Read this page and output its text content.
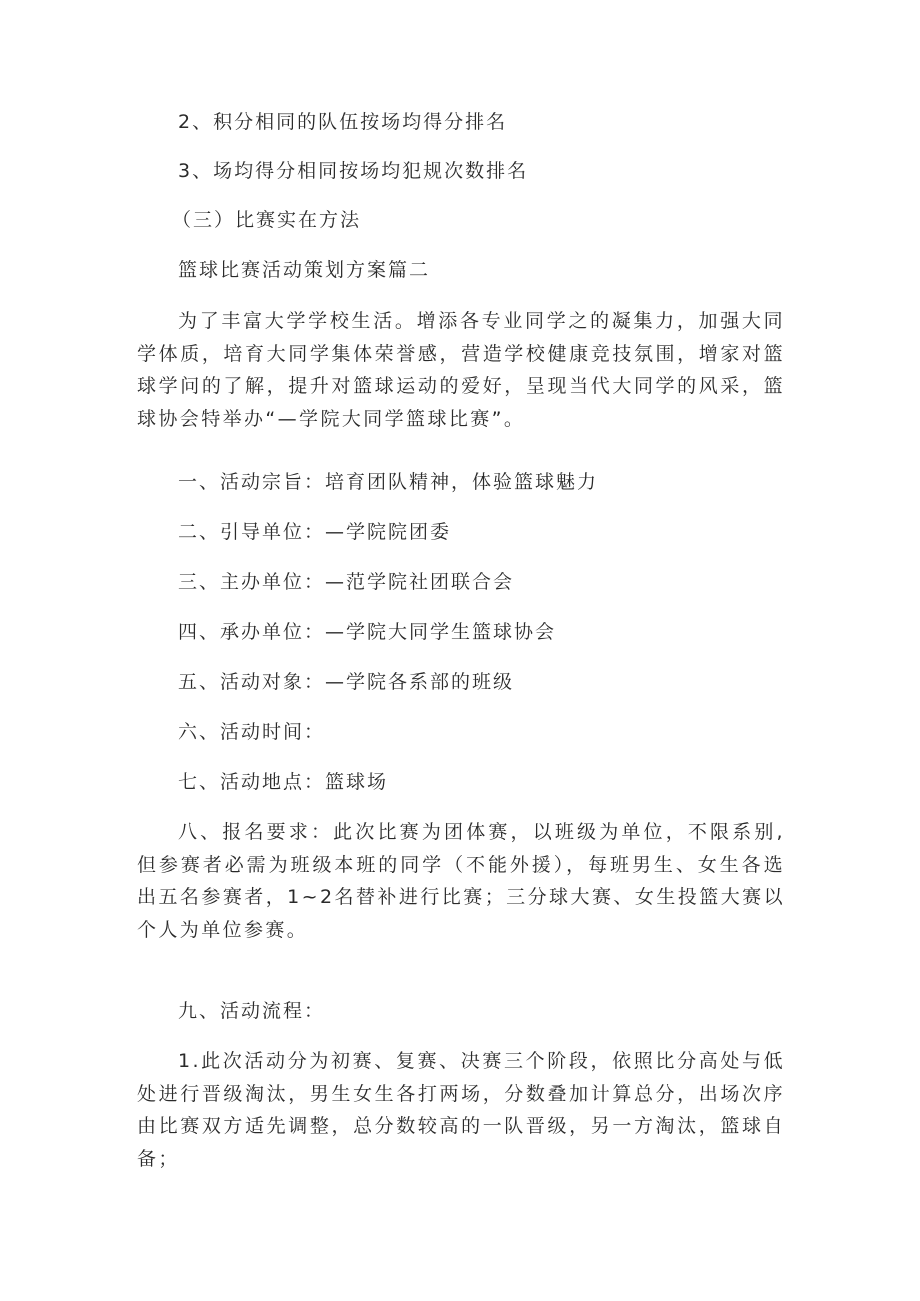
2、积分相同的队伍按场均得分排名
3、场均得分相同按场均犯规次数排名
（三）比赛实在方法
篮球比赛活动策划方案篇二

为了丰富大学学校生活。增添各专业同学之的凝集力，加强大同学体质，培育大同学集体荣誉感，营造学校健康竞技氛围，增家对篮球学问的了解，提升对篮球运动的爱好，呈现当代大同学的风采，篮球协会特举办“—学院大同学篮球比赛”。

一、活动宗旨：培育团队精神，体验篮球魅力
二、引导单位：—学院院团委
三、主办单位：—范学院社团联合会
四、承办单位：—学院大同学生篮球协会
五、活动对象：—学院各系部的班级
六、活动时间：
七、活动地点：篮球场

八、报名要求：此次比赛为团体赛，以班级为单位，不限系别,但参赛者必需为班级本班的同学（不能外援），每班男生、女生各选出五名参赛者，1~2名替补进行比赛；三分球大赛、女生投篮大赛以个人为单位参赛。

九、活动流程：

1.此次活动分为初赛、复赛、决赛三个阶段，依照比分高处与低处进行晋级淘汰，男生女生各打两场，分数叠加计算总分，出场次序由比赛双方适先调整，总分数较高的一队晋级，另一方淘汰，篮球自备；
